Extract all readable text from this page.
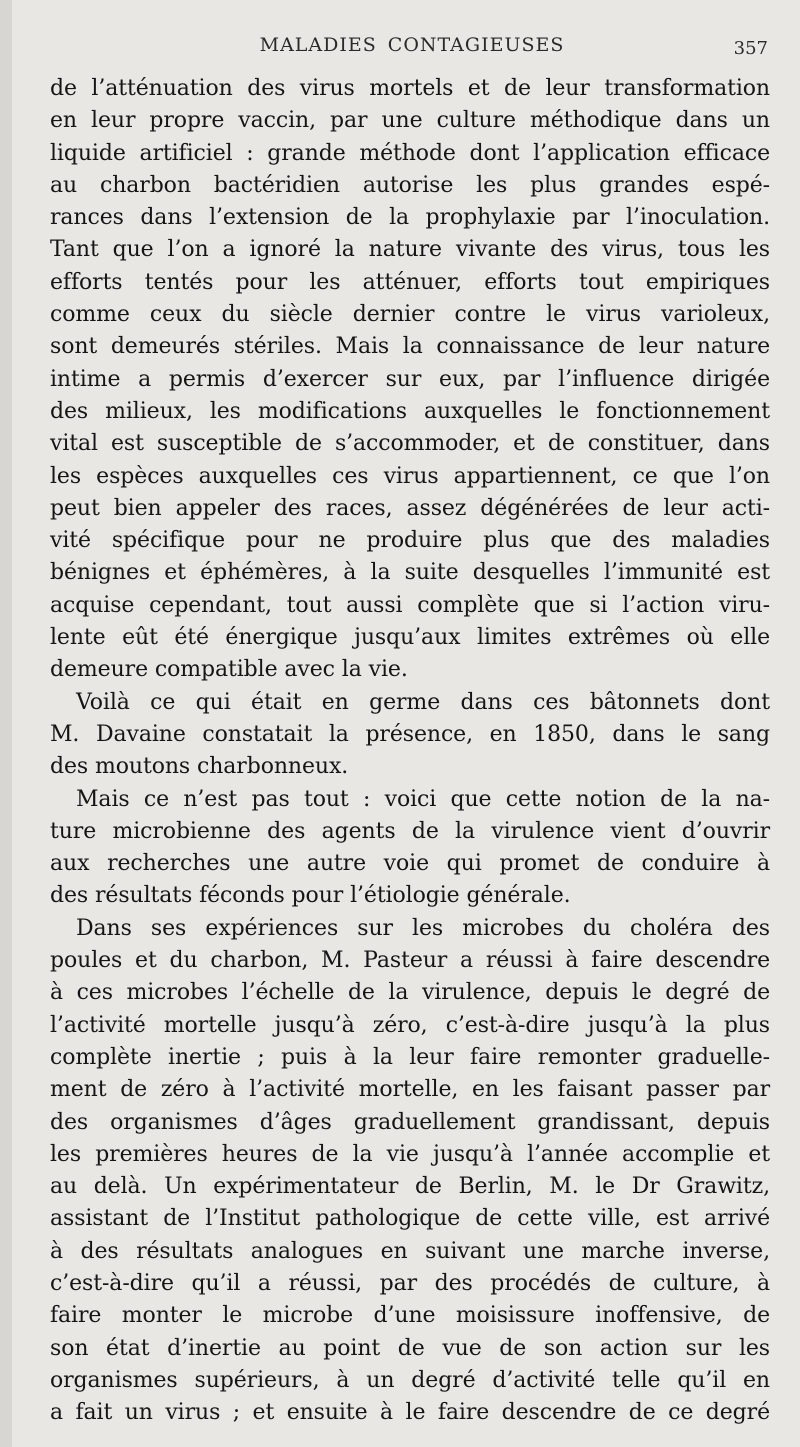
MALADIES CONTAGIEUSES	357
de l’atténuation des virus mortels et de leur transformation
en leur propre vaccin, par une culture méthodique dans un
liquide artificiel : grande méthode dont l’application efficace
au charbon bactéridien autorise les plus grandes espé-
rances dans l’extension de la prophylaxie par l’inoculation.
Tant que l’on a ignoré la nature vivante des virus, tous les
efforts tentés pour les atténuer, efforts tout empiriques
comme ceux du siècle dernier contre le virus varioleux,
sont demeurés stériles. Mais la connaissance de leur nature
intime a permis d’exercer sur eux, par l’influence dirigée
des milieux, les modifications auxquelles le fonctionnement
vital est susceptible de s’accommoder, et de constituer, dans
les espèces auxquelles ces virus appartiennent, ce que l’on
peut bien appeler des races, assez dégénérées de leur acti-
vité spécifique pour ne produire plus que des maladies
bénignes et éphémères, à la suite desquelles l’immunité est
acquise cependant, tout aussi complète que si l’action viru-
lente eût été énergique jusqu’aux limites extrêmes où elle
demeure compatible avec la vie.
Voilà ce qui était en germe dans ces bâtonnets dont
M. Davaine constatait la présence, en 1850, dans le sang
des moutons charbonneux.
Mais ce n’est pas tout : voici que cette notion de la na-
ture microbienne des agents de la virulence vient d’ouvrir
aux recherches une autre voie qui promet de conduire à
des résultats féconds pour l’étiologie générale.
Dans ses expériences sur les microbes du choléra des
poules et du charbon, M. Pasteur a réussi à faire descendre
à ces microbes l’échelle de la virulence, depuis le degré de
l’activité mortelle jusqu’à zéro, c’est-à-dire jusqu’à la plus
complète inertie ; puis à la leur faire remonter graduelle-
ment de zéro à l’activité mortelle, en les faisant passer par
des organismes d’âges graduellement grandissant, depuis
les premières heures de la vie jusqu’à l’année accomplie et
au delà. Un expérimentateur de Berlin, M. le Dr Grawitz,
assistant de l’Institut pathologique de cette ville, est arrivé
à des résultats analogues en suivant une marche inverse,
c’est-à-dire qu’il a réussi, par des procédés de culture, à
faire monter le microbe d’une moisissure inoffensive, de
son état d’inertie au point de vue de son action sur les
organismes supérieurs, à un degré d’activité telle qu’il en
a fait un virus ; et ensuite à le faire descendre de ce degré
